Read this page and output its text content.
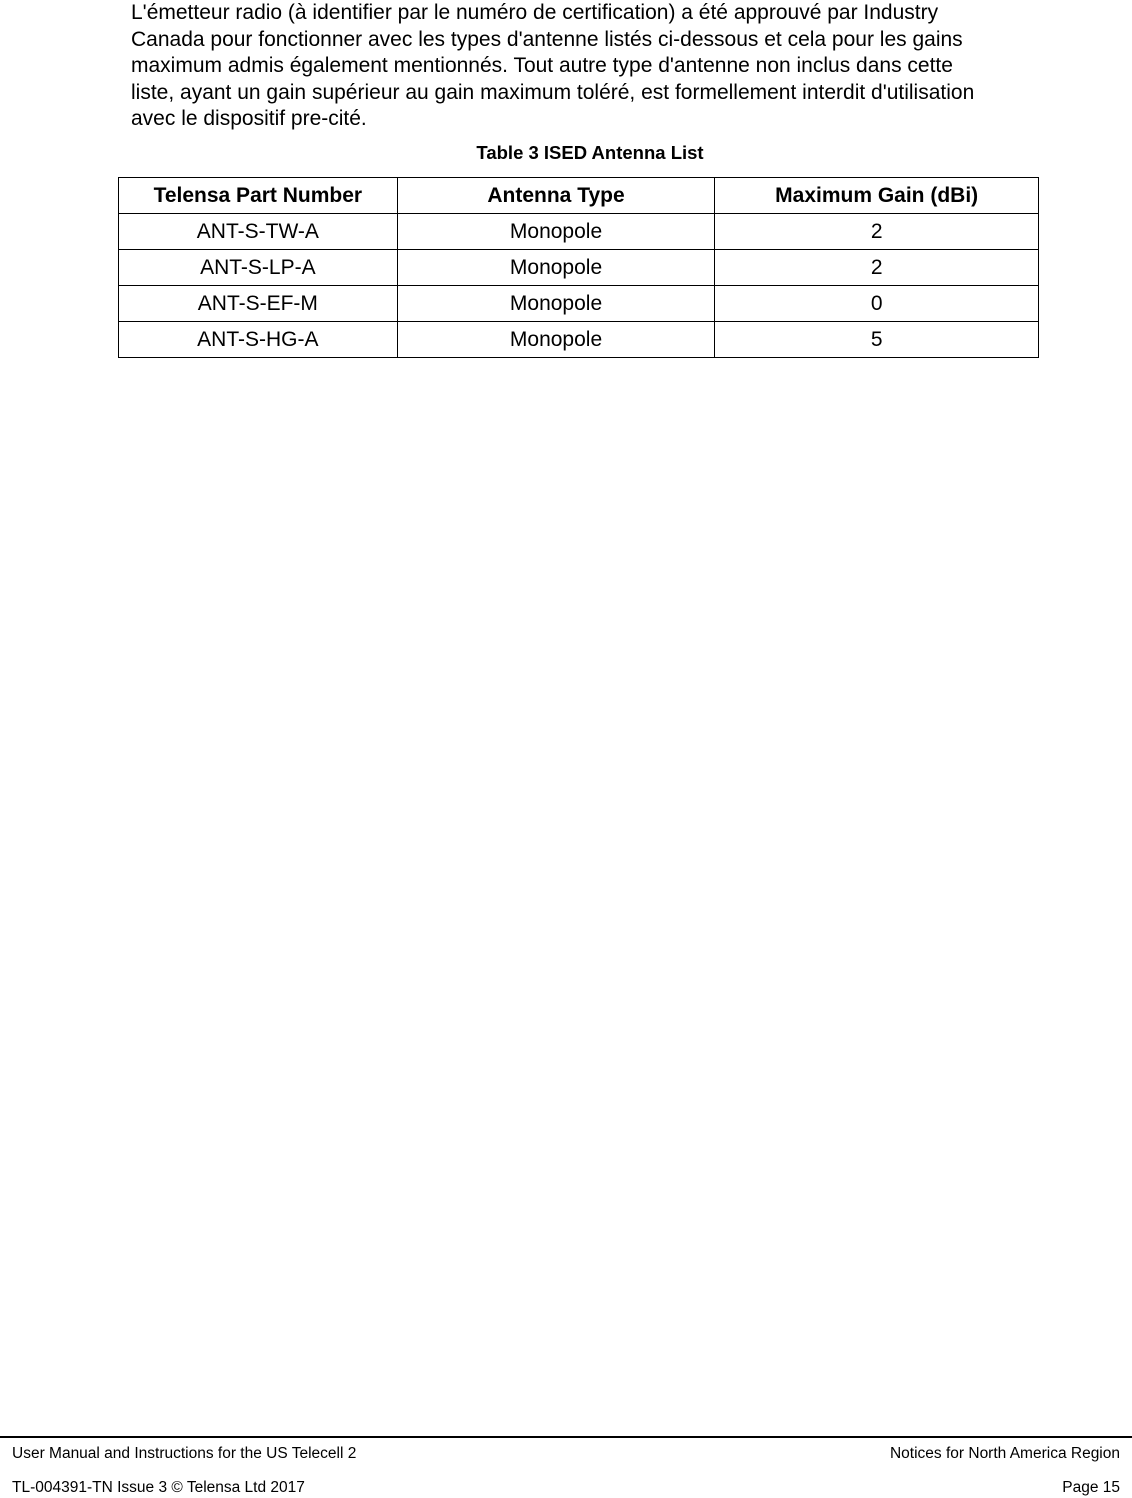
L'émetteur radio (à identifier par le numéro de certification) a été approuvé par Industry
Canada pour fonctionner avec les types d'antenne listés ci-dessous et cela pour les gains
maximum admis également mentionnés. Tout autre type d'antenne non inclus dans cette
liste, ayant un gain supérieur au gain maximum toléré, est formellement interdit d'utilisation
avec le dispositif pre-cité.

Table 3 ISED Antenna List
Telensa Part Number	Antenna Type	Maximum Gain (dBi)
ANT-S-TW-A	Monopole	2
ANT-S-LP-A	Monopole	2
ANT-S-EF-M	Monopole	0
ANT-S-HG-A	Monopole	5
User Manual and Instructions for the US Telecell 2	Notices for North America Region
TL-004391-TN Issue 3 © Telensa Ltd 2017	Page 15
